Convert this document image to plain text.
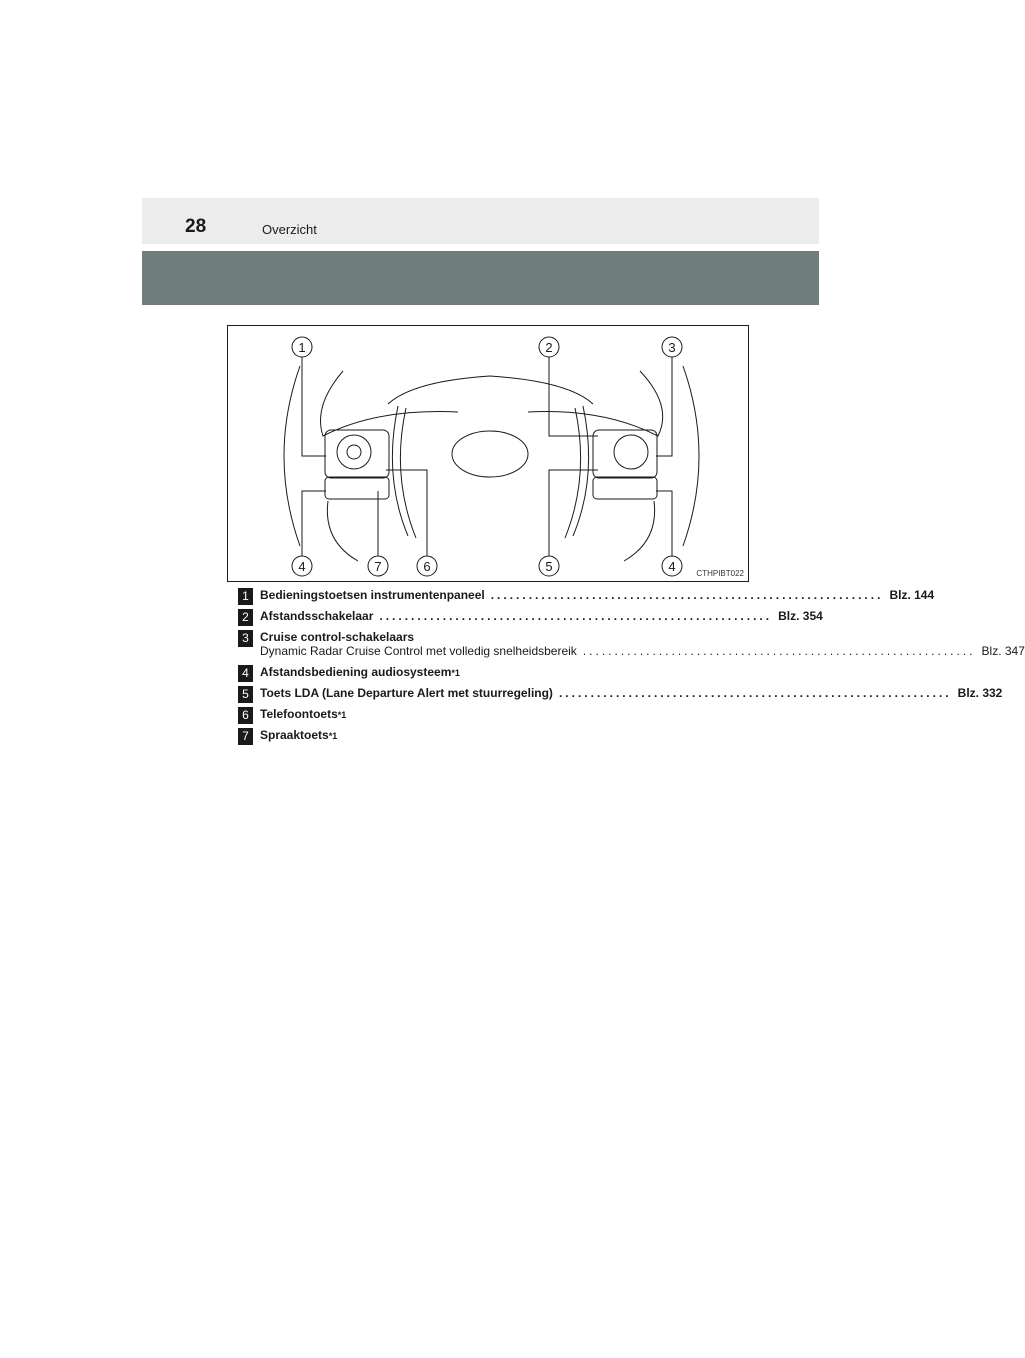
28	Overzicht
1	2	3
4	7	6	5	4	CTHPIBT022
1 Bedieningstoetsen instrumentenpaneel .............................................................. Blz. 144
2 Afstandsschakelaar .............................................................. Blz. 354
3 Cruise control-schakelaars
Dynamic Radar Cruise Control met volledig snelheidsbereik .............................................................. Blz. 347
4 Afstandsbediening audiosysteem *1
5 Toets LDA (Lane Departure Alert met stuurregeling) .............................................................. Blz. 332
6 Telefoontoets *1
7 Spraaktoets *1
